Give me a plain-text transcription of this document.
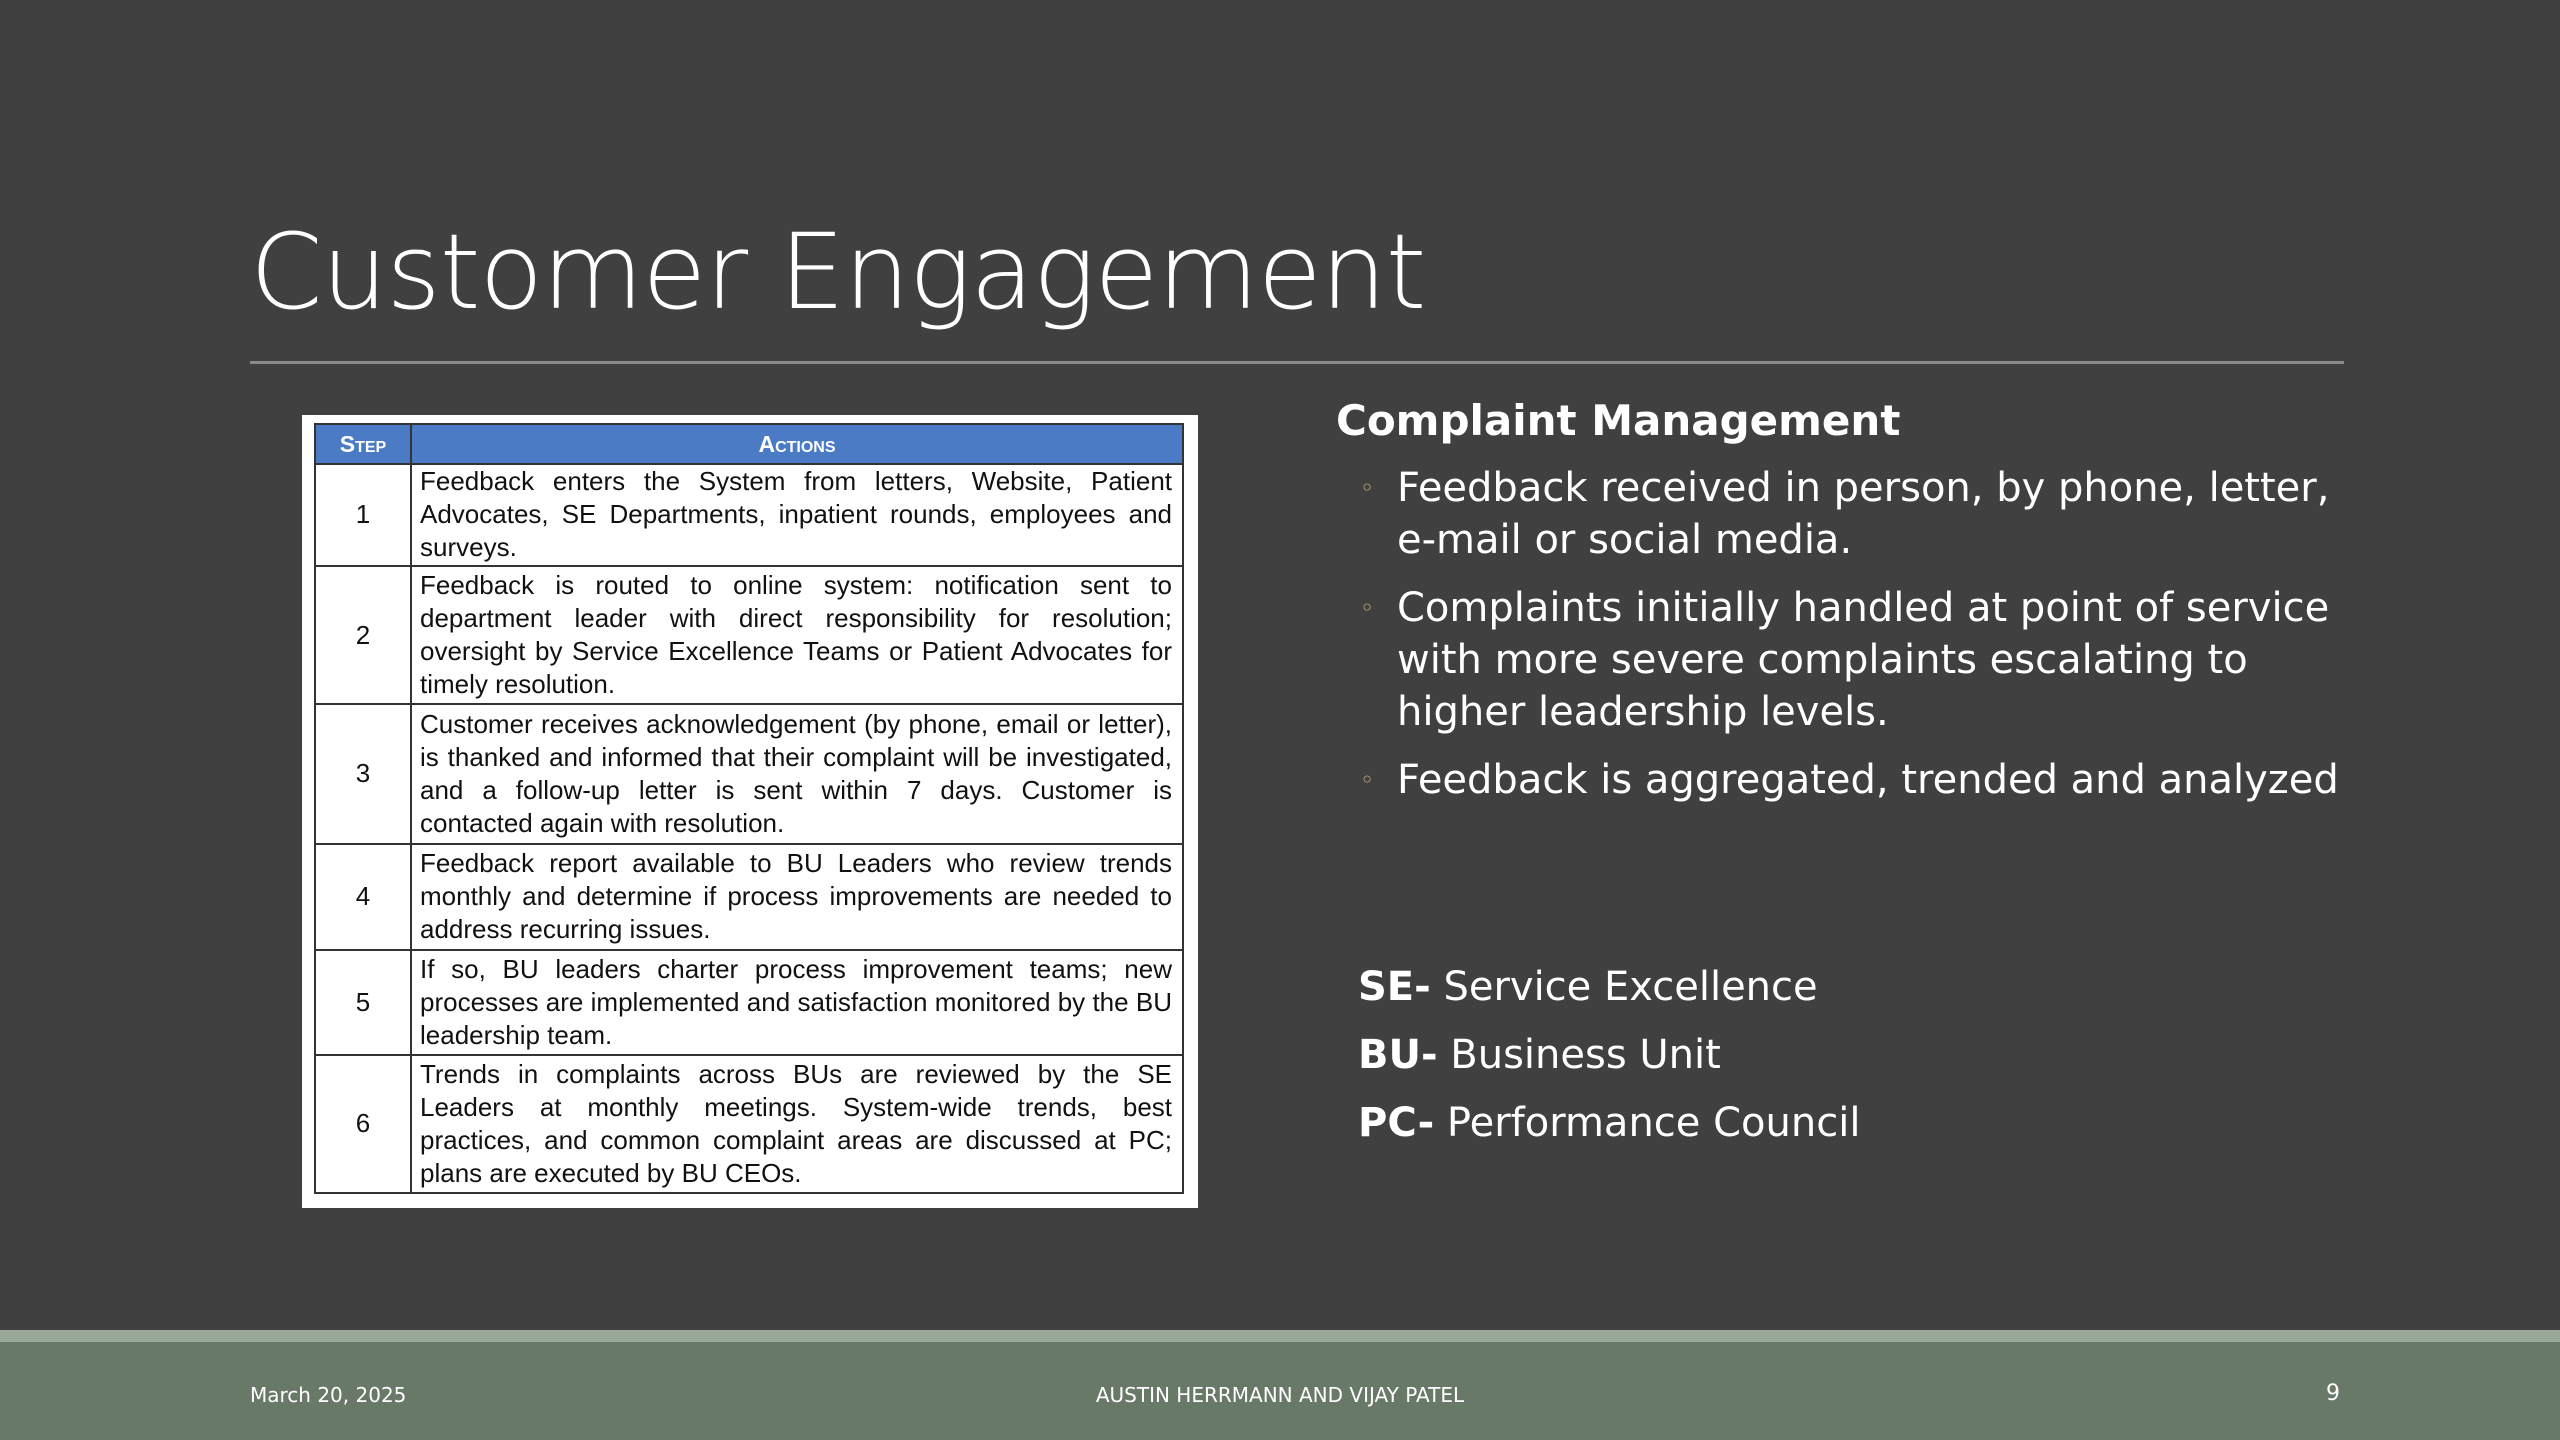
Customer Engagement
Step	Actions
1	Feedback enters the System from letters, Website, Patient Advocates, SE Departments, inpatient rounds, employees and surveys.
2	Feedback is routed to online system: notification sent to department leader with direct responsibility for resolution; oversight by Service Excellence Teams or Patient Advocates for timely resolution.
3	Customer receives acknowledgement (by phone, email or letter), is thanked and informed that their complaint will be investigated, and a follow-up letter is sent within 7 days. Customer is contacted again with resolution.
4	Feedback report available to BU Leaders who review trends monthly and determine if process improvements are needed to address recurring issues.
5	If so, BU leaders charter process improvement teams; new processes are implemented and satisfaction monitored by the BU leadership team.
6	Trends in complaints across BUs are reviewed by the SE Leaders at monthly meetings. System-wide trends, best practices, and common complaint areas are discussed at PC; plans are executed by BU CEOs.
Complaint Management
◦ Feedback received in person, by phone, letter, e-mail or social media.
◦ Complaints initially handled at point of service with more severe complaints escalating to higher leadership levels.
◦ Feedback is aggregated, trended and analyzed
SE- Service Excellence
BU- Business Unit
PC- Performance Council
March 20, 2025	AUSTIN HERRMANN AND VIJAY PATEL	9
